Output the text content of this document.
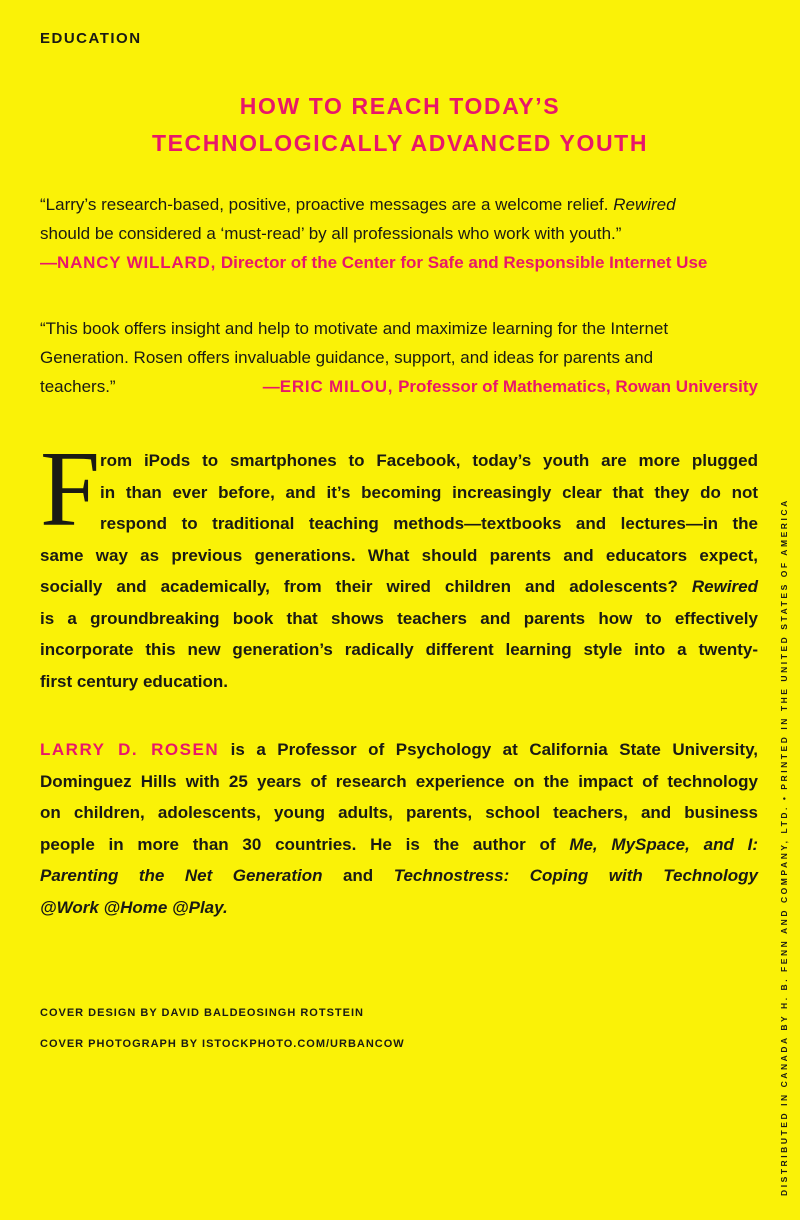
EDUCATION
HOW TO REACH TODAY’S
TECHNOLOGICALLY ADVANCED YOUTH
“Larry’s research-based, positive, proactive messages are a welcome relief. Rewired
should be considered a ‘must-read’ by all professionals who work with youth.”
—NANCY WILLARD, Director of the Center for Safe and Responsible Internet Use
“This book offers insight and help to motivate and maximize learning for the Internet
Generation. Rosen offers invaluable guidance, support, and ideas for parents and
teachers.”	—ERIC MILOU, Professor of Mathematics, Rowan University
F rom iPods to smartphones to Facebook, today’s youth are more plugged
in than ever before, and it’s becoming increasingly clear that they do not
respond to traditional teaching methods—textbooks and lectures—in the
same way as previous generations. What should parents and educators expect,
socially and academically, from their wired children and adolescents? Rewired
is a groundbreaking book that shows teachers and parents how to effectively
incorporate this new generation’s radically different learning style into a twenty-
first century education.
LARRY D. ROSEN is a Professor of Psychology at California State University,
Dominguez Hills with 25 years of research experience on the impact of technology
on children, adolescents, young adults, parents, school teachers, and business
people in more than 30 countries. He is the author of Me, MySpace, and I:
Parenting the Net Generation and Technostress: Coping with Technology
@Work @Home @Play.
COVER DESIGN BY DAVID BALDEOSINGH ROTSTEIN
COVER PHOTOGRAPH BY ISTOCKPHOTO.COM/URBANCOW	DISTRIBUTED IN CANADA BY H. B. FENN AND COMPANY, LTD. • PRINTED IN THE UNITED STATES OF AMERICA
